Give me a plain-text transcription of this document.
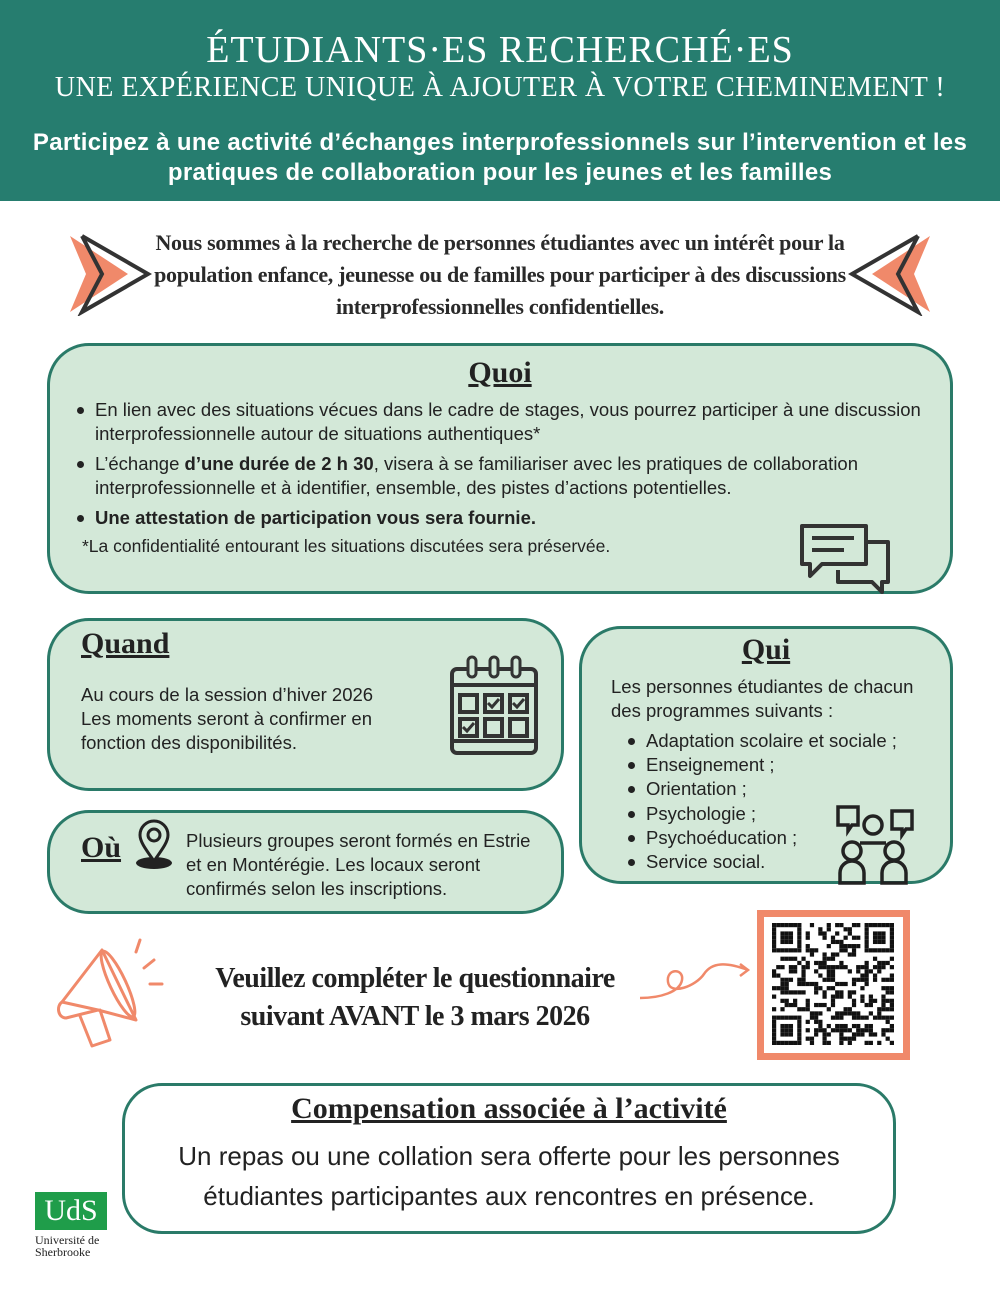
ÉTUDIANTS·ES RECHERCHÉ·ES
UNE EXPÉRIENCE UNIQUE À AJOUTER À VOTRE CHEMINEMENT !
Participez à une activité d’échanges interprofessionnels sur l’intervention et les pratiques de collaboration pour les jeunes et les familles
Nous sommes à la recherche de personnes étudiantes avec un intérêt pour la population enfance, jeunesse ou de familles pour participer à des discussions interprofessionnelles confidentielles.
Quoi
En lien avec des situations vécues dans le cadre de stages, vous pourrez participer à une discussion interprofessionnelle autour de situations authentiques*
L’échange d’une durée de 2 h 30, visera à se familiariser avec les pratiques de collaboration interprofessionnelle et à identifier, ensemble, des pistes d’actions potentielles.
Une attestation de participation vous sera fournie.
*La confidentialité entourant les situations discutées sera préservée.
Quand
Au cours de la session d’hiver 2026
Les moments seront à confirmer en fonction des disponibilités.
Où	Plusieurs groupes seront formés en Estrie et en Montérégie. Les locaux seront confirmés selon les inscriptions.
Qui
Les personnes étudiantes de chacun des programmes suivants :
Adaptation scolaire et sociale ;
Enseignement ;
Orientation ;
Psychologie ;
Psychoéducation ;
Service social.
Veuillez compléter le questionnaire
suivant AVANT le 3 mars 2026
Compensation associée à l’activité
Un repas ou une collation sera offerte pour les personnes étudiantes participantes aux rencontres en présence.
UdS
Université de Sherbrooke
